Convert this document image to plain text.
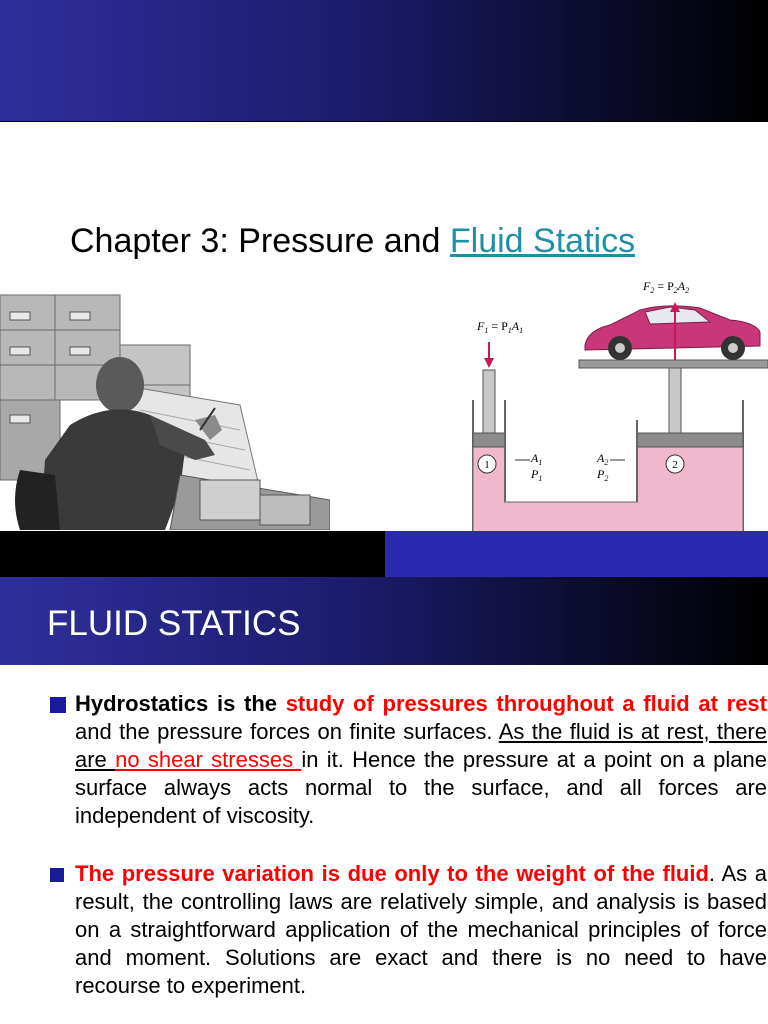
Chapter 3: Pressure and Fluid Statics
$F_2 = P_2A_2$
$F_1 = P_1A_1$
$A_1$
$P_1$
$A_2$
$P_2$
1	2
FLUID STATICS
Hydrostatics is the study of pressures throughout a fluid at rest and the pressure forces on finite surfaces. As the fluid is at rest, there are no shear stresses in it. Hence the pressure at a point on a plane surface always acts normal to the surface, and all forces are independent of viscosity.
The pressure variation is due only to the weight of the fluid. As a result, the controlling laws are relatively simple, and analysis is based on a straightforward application of the mechanical principles of force and moment. Solutions are exact and there is no need to have recourse to experiment.
